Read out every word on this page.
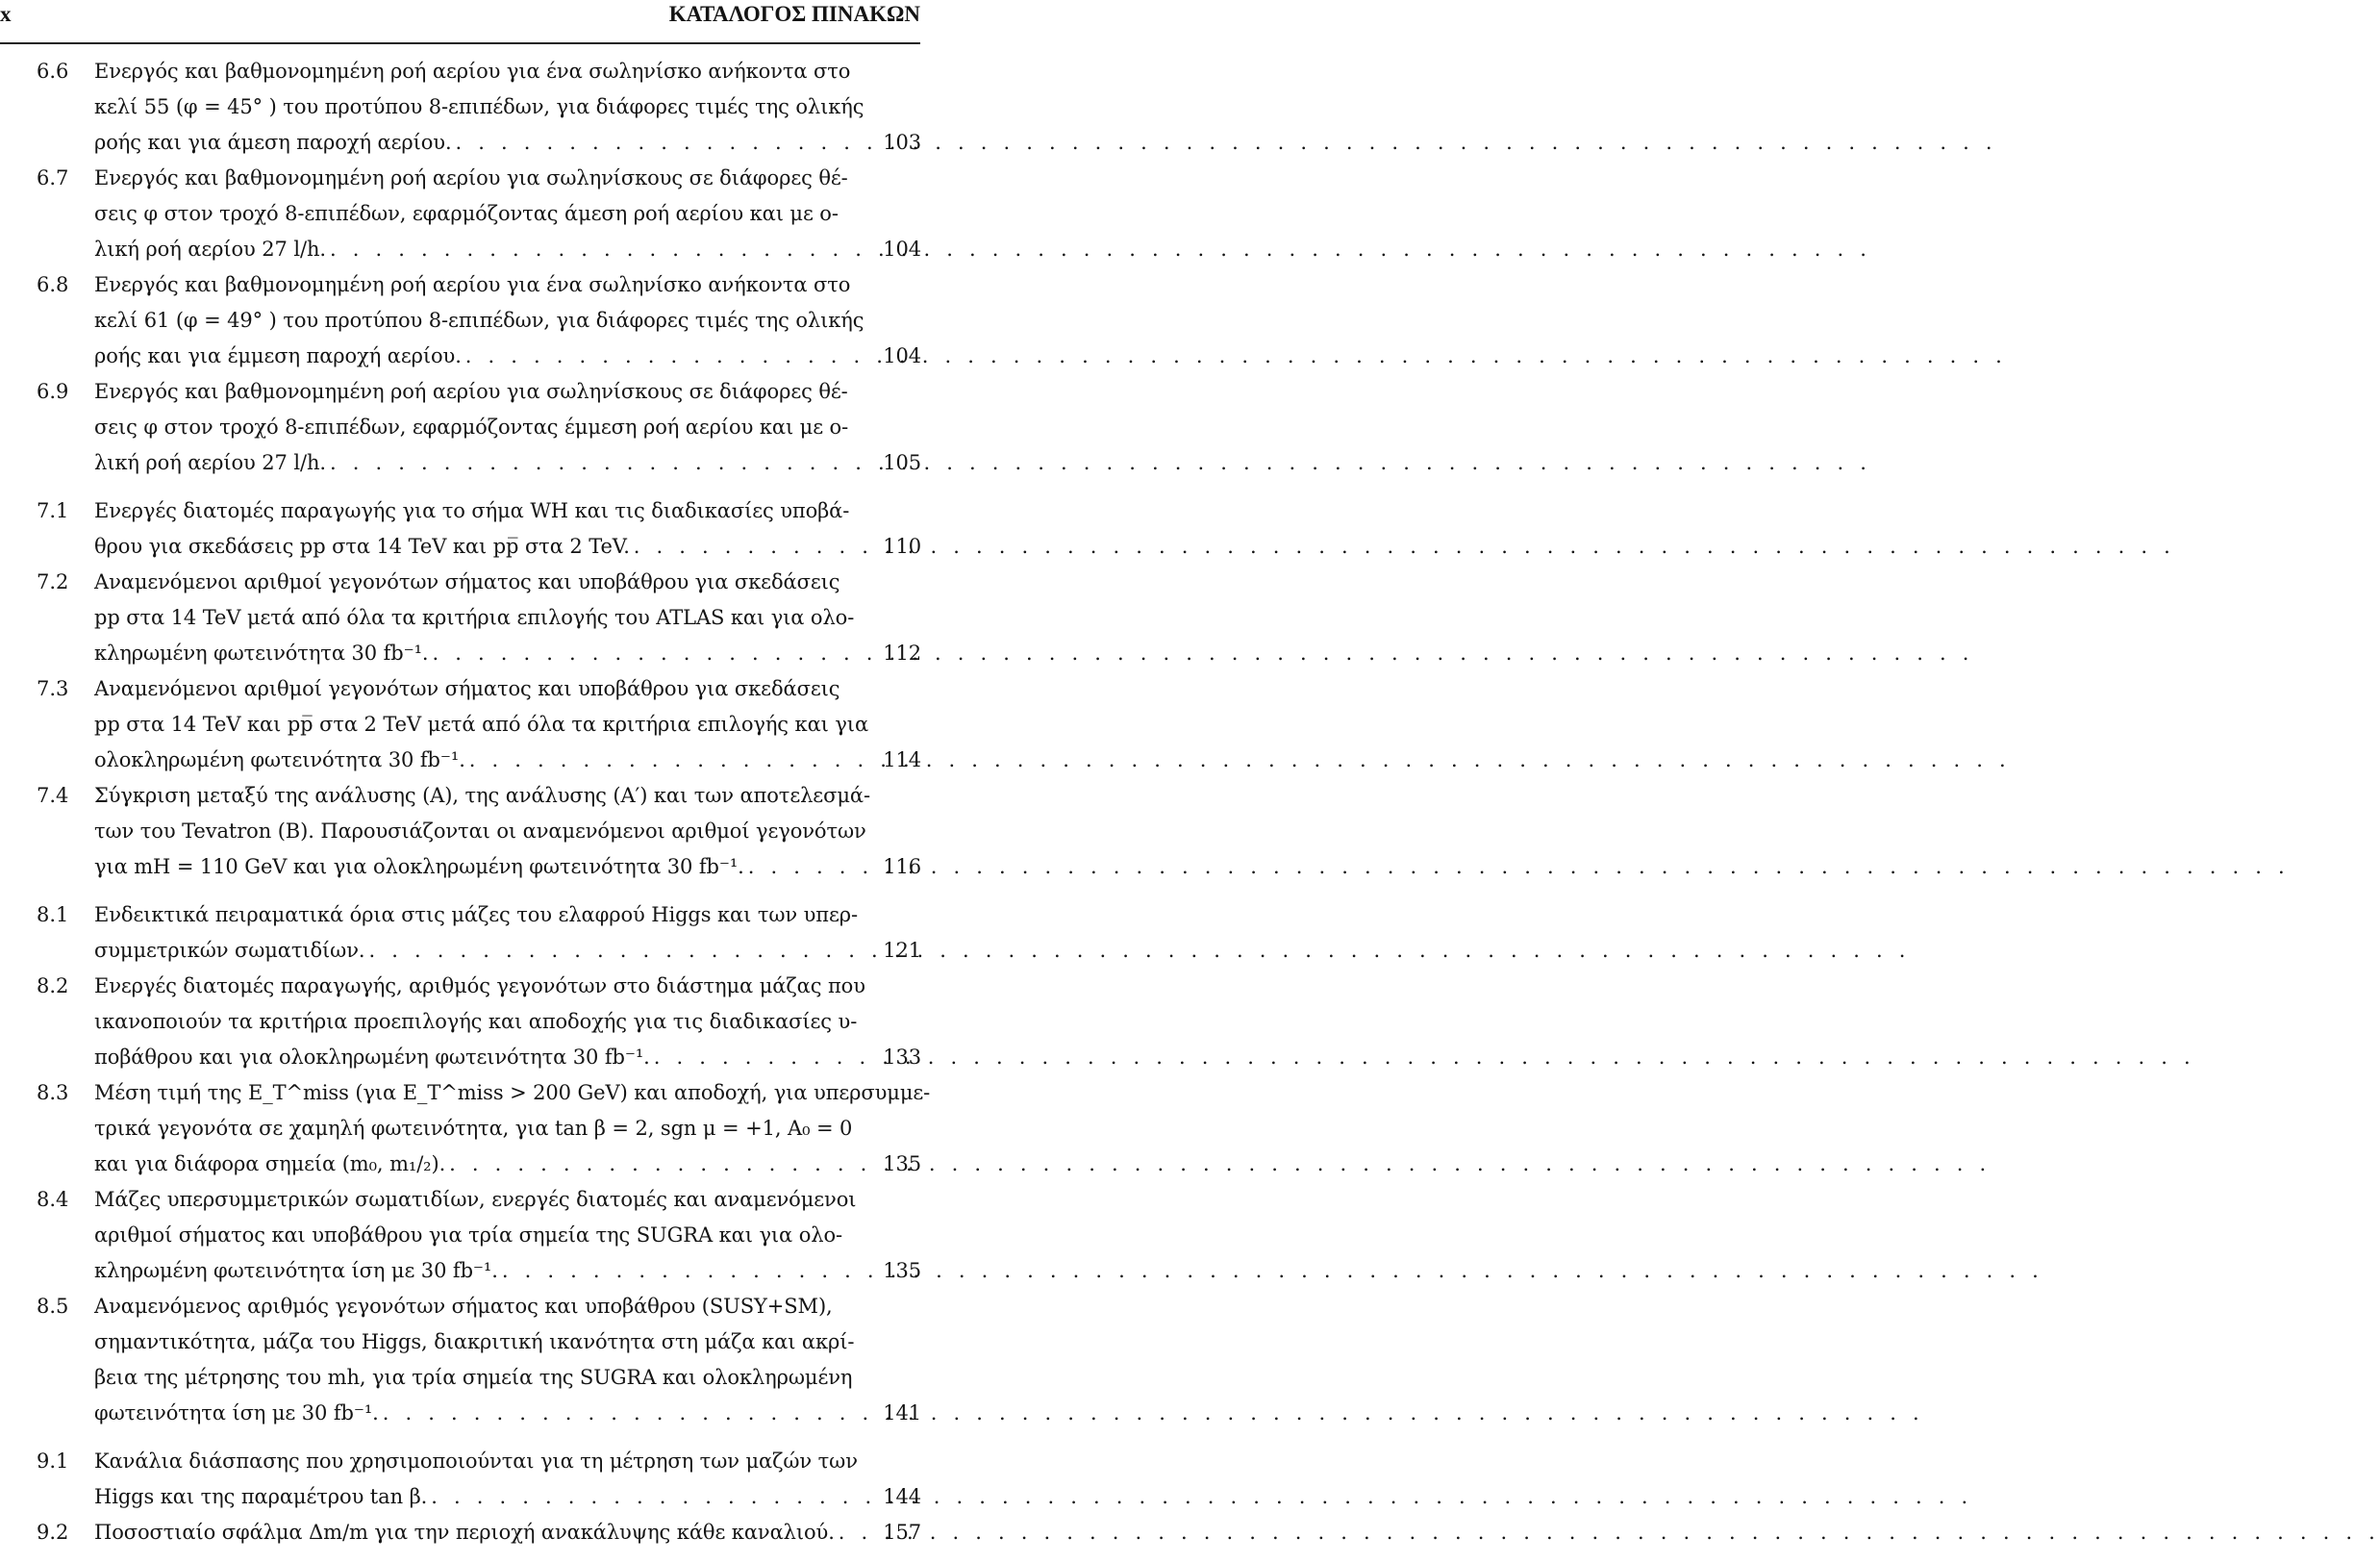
x	ΚΑΤΑΛΟΓΟΣ ΠΙΝΑΚΩΝ
6.6 Ενεργός και βαθμονομημένη ροή αερίου για ένα σωληνίσκο ανήκοντα στο
κελί 55 (φ = 45° ) του προτύπου 8-επιπέδων, για διάφορες τιμές της ολικής
ροής και για άμεση παροχή αερίου. . . .	103
6.7 Ενεργός και βαθμονομημένη ροή αερίου για σωληνίσκους σε διάφορες θέ-
σεις φ στον τροχό 8-επιπέδων, εφαρμόζοντας άμεση ροή αερίου και με ο-
λική ροή αερίου 27 l/h. . . .	104
6.8 Ενεργός και βαθμονομημένη ροή αερίου για ένα σωληνίσκο ανήκοντα στο
κελί 61 (φ = 49° ) του προτύπου 8-επιπέδων, για διάφορες τιμές της ολικής
ροής και για έμμεση παροχή αερίου. . . .	104
6.9 Ενεργός και βαθμονομημένη ροή αερίου για σωληνίσκους σε διάφορες θέ-
σεις φ στον τροχό 8-επιπέδων, εφαρμόζοντας έμμεση ροή αερίου και με ο-
λική ροή αερίου 27 l/h. . . .	105
7.1 Ενεργές διατομές παραγωγής για το σήμα WH και τις διαδικασίες υποβά-
θρου για σκεδάσεις pp στα 14 TeV και pp̅ στα 2 TeV. . . .	110
7.2 Αναμενόμενοι αριθμοί γεγονότων σήματος και υποβάθρου για σκεδάσεις
pp στα 14 TeV μετά από όλα τα κριτήρια επιλογής του ATLAS και για ολο-
κληρωμένη φωτεινότητα 30 fb⁻¹. . . .	112
7.3 Αναμενόμενοι αριθμοί γεγονότων σήματος και υποβάθρου για σκεδάσεις
pp στα 14 TeV και pp̅ στα 2 TeV μετά από όλα τα κριτήρια επιλογής και για
ολοκληρωμένη φωτεινότητα 30 fb⁻¹. . . .	114
7.4 Σύγκριση μεταξύ της ανάλυσης (A), της ανάλυσης (A′) και των αποτελεσμά-
των του Tevatron (B). Παρουσιάζονται οι αναμενόμενοι αριθμοί γεγονότων
για mH = 110 GeV και για ολοκληρωμένη φωτεινότητα 30 fb⁻¹. . . .	116
8.1 Ενδεικτικά πειραματικά όρια στις μάζες του ελαφρού Higgs και των υπερ-
συμμετρικών σωματιδίων. . . .	121
8.2 Ενεργές διατομές παραγωγής, αριθμός γεγονότων στο διάστημα μάζας που
ικανοποιούν τα κριτήρια προεπιλογής και αποδοχής για τις διαδικασίες υ-
ποβάθρου και για ολοκληρωμένη φωτεινότητα 30 fb⁻¹. . . .	133
8.3 Μέση τιμή της E_T^miss (για E_T^miss > 200 GeV) και αποδοχή, για υπερσυμμε-
τρικά γεγονότα σε χαμηλή φωτεινότητα, για tan β = 2, sgn μ = +1, A₀ = 0
και για διάφορα σημεία (m₀, m₁/₂). . . .	135
8.4 Μάζες υπερσυμμετρικών σωματιδίων, ενεργές διατομές και αναμενόμενοι
αριθμοί σήματος και υποβάθρου για τρία σημεία της SUGRA και για ολο-
κληρωμένη φωτεινότητα ίση με 30 fb⁻¹. . . .	135
8.5 Αναμενόμενος αριθμός γεγονότων σήματος και υποβάθρου (SUSY+SM),
σημαντικότητα, μάζα του Higgs, διακριτική ικανότητα στη μάζα και ακρί-
βεια της μέτρησης του mh, για τρία σημεία της SUGRA και ολοκληρωμένη
φωτεινότητα ίση με 30 fb⁻¹. . . .	141
9.1 Κανάλια διάσπασης που χρησιμοποιούνται για τη μέτρηση των μαζών των
Higgs και της παραμέτρου tan β. . . .	144
9.2 Ποσοστιαίο σφάλμα Δm/m για την περιοχή ανακάλυψης κάθε καναλιού. . . . 157
